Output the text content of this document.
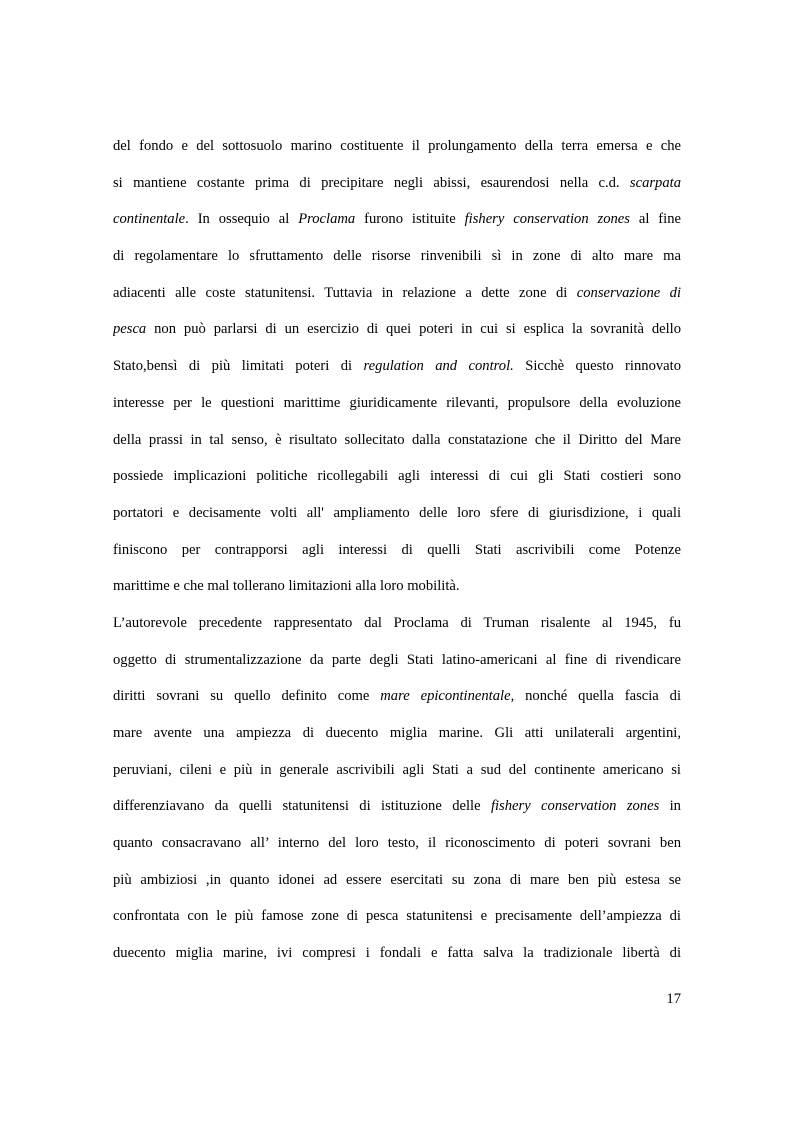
del fondo e del sottosuolo marino costituente il prolungamento della terra emersa e che
si mantiene costante prima di precipitare negli abissi, esaurendosi nella c.d. scarpata
continentale. In ossequio al Proclama furono istituite fishery conservation zones al fine
di regolamentare lo sfruttamento delle risorse rinvenibili sì in zone di alto mare ma
adiacenti alle coste statunitensi. Tuttavia in relazione a dette zone di conservazione di
pesca non può parlarsi di un esercizio di quei poteri in cui si esplica la sovranità dello
Stato,bensì di più limitati poteri di regulation and control. Sicchè questo rinnovato
interesse per le questioni marittime giuridicamente rilevanti, propulsore della evoluzione
della prassi in tal senso, è risultato sollecitato dalla constatazione che il Diritto del Mare
possiede implicazioni politiche ricollegabili agli interessi di cui gli Stati costieri sono
portatori e decisamente volti all' ampliamento delle loro sfere di giurisdizione, i quali
finiscono per contrapporsi agli interessi di quelli Stati ascrivibili come Potenze
marittime e che mal tollerano limitazioni alla loro mobilità.
L’autorevole precedente rappresentato dal Proclama di Truman risalente al 1945, fu
oggetto di strumentalizzazione da parte degli Stati latino-americani al fine di rivendicare
diritti sovrani su quello definito come mare epicontinentale, nonché quella fascia di
mare avente una ampiezza di duecento miglia marine. Gli atti unilaterali argentini,
peruviani, cileni e più in generale ascrivibili agli Stati a sud del continente americano si
differenziavano da quelli statunitensi di istituzione delle fishery conservation zones in
quanto consacravano all’ interno del loro testo, il riconoscimento di poteri sovrani ben
più ambiziosi ,in quanto idonei ad essere esercitati su zona di mare ben più estesa se
confrontata con le più famose zone di pesca statunitensi e precisamente dell’ampiezza di
duecento miglia marine, ivi compresi i fondali e fatta salva la tradizionale libertà di
17
